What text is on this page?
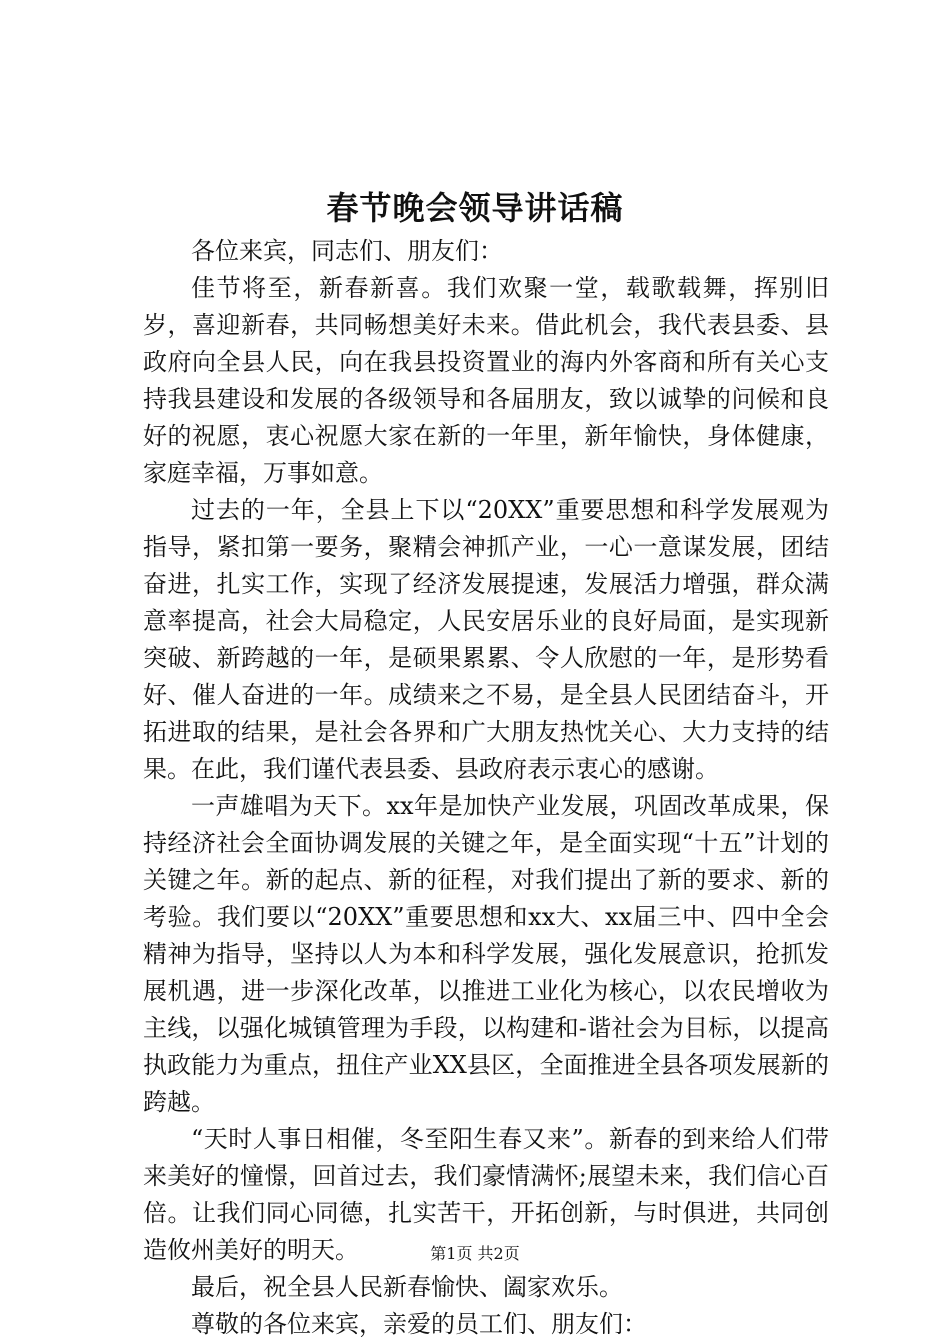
春节晚会领导讲话稿

各位来宾，同志们、朋友们：

佳节将至，新春新喜。我们欢聚一堂，载歌载舞，挥别旧岁，喜迎新春，共同畅想美好未来。借此机会，我代表县委、县政府向全县人民，向在我县投资置业的海内外客商和所有关心支持我县建设和发展的各级领导和各届朋友，致以诚挚的问候和良好的祝愿，衷心祝愿大家在新的一年里，新年愉快，身体健康，家庭幸福，万事如意。

过去的一年，全县上下以“20XX”重要思想和科学发展观为指导，紧扣第一要务，聚精会神抓产业，一心一意谋发展，团结奋进，扎实工作，实现了经济发展提速，发展活力增强，群众满意率提高，社会大局稳定，人民安居乐业的良好局面，是实现新突破、新跨越的一年，是硕果累累、令人欣慰的一年，是形势看好、催人奋进的一年。成绩来之不易，是全县人民团结奋斗，开拓进取的结果，是社会各界和广大朋友热忱关心、大力支持的结果。在此，我们谨代表县委、县政府表示衷心的感谢。

一声雄唱为天下。xx年是加快产业发展，巩固改革成果，保持经济社会全面协调发展的关键之年，是全面实现“十五”计划的关键之年。新的起点、新的征程，对我们提出了新的要求、新的考验。我们要以“20XX”重要思想和xx大、xx届三中、四中全会精神为指导，坚持以人为本和科学发展，强化发展意识，抢抓发展机遇，进一步深化改革，以推进工业化为核心，以农民增收为主线，以强化城镇管理为手段，以构建和-谐社会为目标，以提高执政能力为重点，扭住产业XX县区，全面推进全县各项发展新的跨越。

“天时人事日相催，冬至阳生春又来”。新春的到来给人们带来美好的憧憬，回首过去，我们豪情满怀;展望未来，我们信心百倍。让我们同心同德，扎实苦干，开拓创新，与时俱进，共同创造攸州美好的明天。

最后，祝全县人民新春愉快、阖家欢乐。

尊敬的各位来宾，亲爱的员工们、朋友们：

第1页 共2页
